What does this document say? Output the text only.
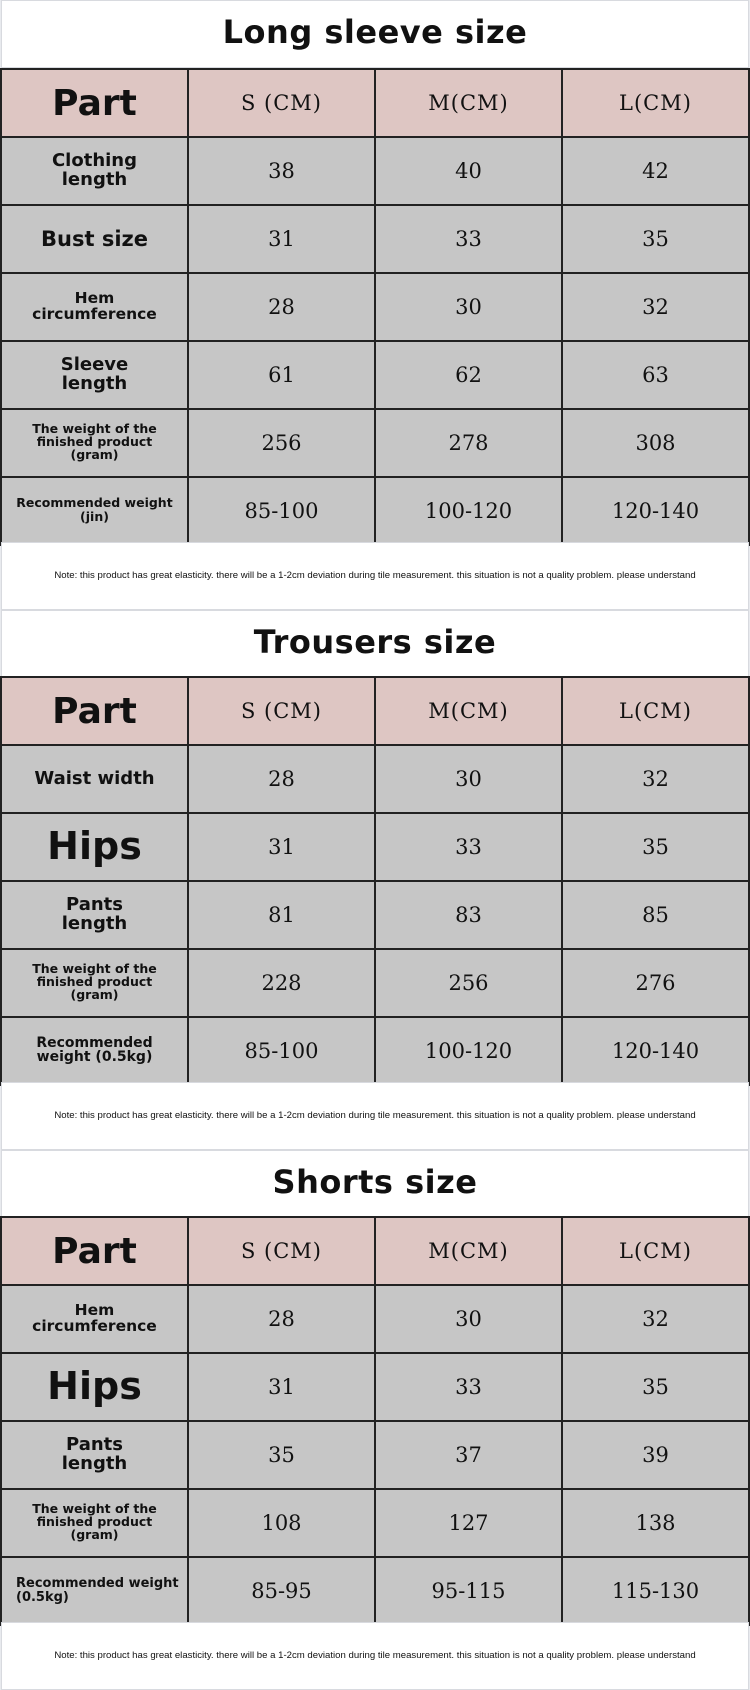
Long sleeve size
Part	S (CM)	M(CM)	L(CM)
Clothing length	38	40	42
Bust size	31	33	35
Hem circumference	28	30	32
Sleeve length	61	62	63
The weight of the finished product (gram)	256	278	308
Recommended weight (jin)	85-100	100-120	120-140
Note: this product has great elasticity. there will be a 1-2cm deviation during tile measurement. this situation is not a quality problem. please understand
Trousers size
Part	S (CM)	M(CM)	L(CM)
Waist width	28	30	32
Hips	31	33	35
Pants length	81	83	85
The weight of the finished product (gram)	228	256	276
Recommended weight (0.5kg)	85-100	100-120	120-140
Note: this product has great elasticity. there will be a 1-2cm deviation during tile measurement. this situation is not a quality problem. please understand
Shorts size
Part	S (CM)	M(CM)	L(CM)
Hem circumference	28	30	32
Hips	31	33	35
Pants length	35	37	39
The weight of the finished product (gram)	108	127	138

Recommended weight (0.5kg)	85-95	95-115	115-130
Note: this product has great elasticity. there will be a 1-2cm deviation during tile measurement. this situation is not a quality problem. please understand
